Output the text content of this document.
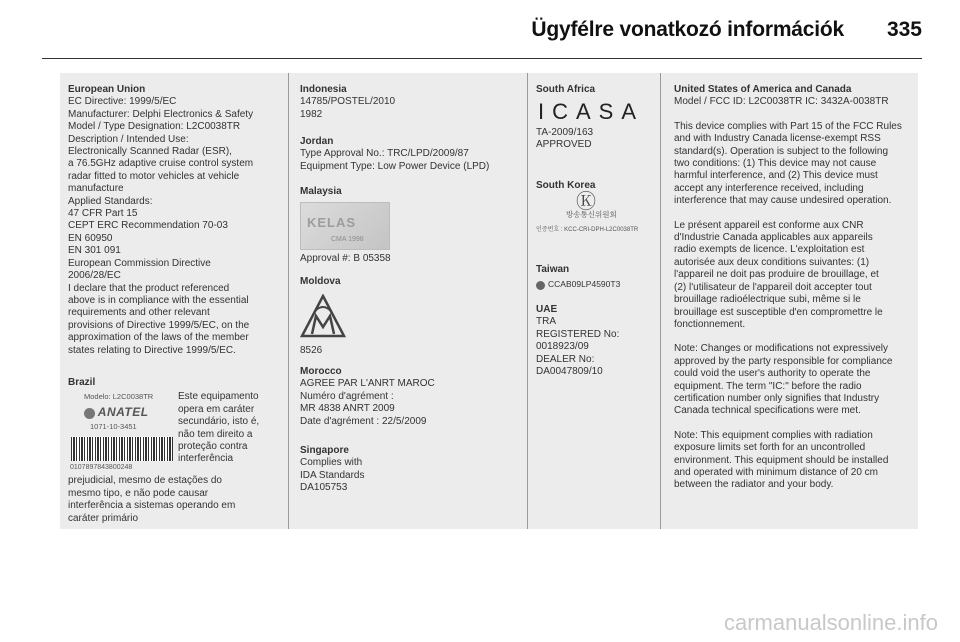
Ügyfélre vonatkozó információk 335
European Union
EC Directive: 1999/5/EC
Manufacturer: Delphi Electronics & Safety
Model / Type Designation: L2C0038TR
Description / Intended Use:
Electronically Scanned Radar (ESR),
a 76.5GHz adaptive cruise control system
radar fitted to motor vehicles at vehicle
manufacture
Applied Standards:
47 CFR Part 15
CEPT ERC Recommendation 70-03
EN 60950
EN 301 091
European Commission Directive
2006/28/EC
I declare that the product referenced
above is in compliance with the essential
requirements and other relevant
provisions of Directive 1999/5/EC, on the
approximation of the laws of the member
states relating to Directive 1999/5/EC.
Brazil
Modelo: L2C0038TR
ANATEL
1071-10-3451
0107897843800248
Este equipamento
opera em caráter
secundário, isto é,
não tem direito a
proteção contra
interferência
prejudicial, mesmo de estações do
mesmo tipo, e não pode causar
interferência a sistemas operando em
caráter primário
Indonesia
14785/POSTEL/2010
1982
Jordan
Type Approval No.: TRC/LPD/2009/87
Equipment Type: Low Power Device (LPD)
Malaysia
KELAS
CMA 1998
Approval #: B 05358
Moldova
8526
Morocco
AGREE PAR L'ANRT MAROC
Numéro d'agrément :
MR 4838 ANRT 2009
Date d'agrément : 22/5/2009
Singapore
Complies with
IDA Standards
DA105753
South Africa
ICASA
TA-2009/163
APPROVED
South Korea
Ⓚ
방송통신위원회
인증번호 : KCC-CRI-DPH-L2C0038TR
Taiwan
CCAB09LP4590T3
UAE
TRA
REGISTERED No:
0018923/09
DEALER No:
DA0047809/10
United States of America and Canada
Model / FCC ID: L2C0038TR IC: 3432A-0038TR
This device complies with Part 15 of the FCC Rules
and with Industry Canada license-exempt RSS
standard(s). Operation is subject to the following
two conditions: (1) This device may not cause
harmful interference, and (2) This device must
accept any interference received, including
interference that may cause undesired operation.
Le présent appareil est conforme aux CNR
d'Industrie Canada applicables aux appareils
radio exempts de licence. L'exploitation est
autorisée aux deux conditions suivantes: (1)
l'appareil ne doit pas produire de brouillage, et
(2) l'utilisateur de l'appareil doit accepter tout
brouillage radioélectrique subi, même si le
brouillage est susceptible d'en compromettre le
fonctionnement.
Note: Changes or modifications not expressively
approved by the party responsible for compliance
could void the user's authority to operate the
equipment. The term "IC:" before the radio
certification number only signifies that Industry
Canada technical specifications were met.
Note: This equipment complies with radiation
exposure limits set forth for an uncontrolled
environment. This equipment should be installed
and operated with minimum distance of 20 cm
between the radiator and your body.
carmanualsonline.info
